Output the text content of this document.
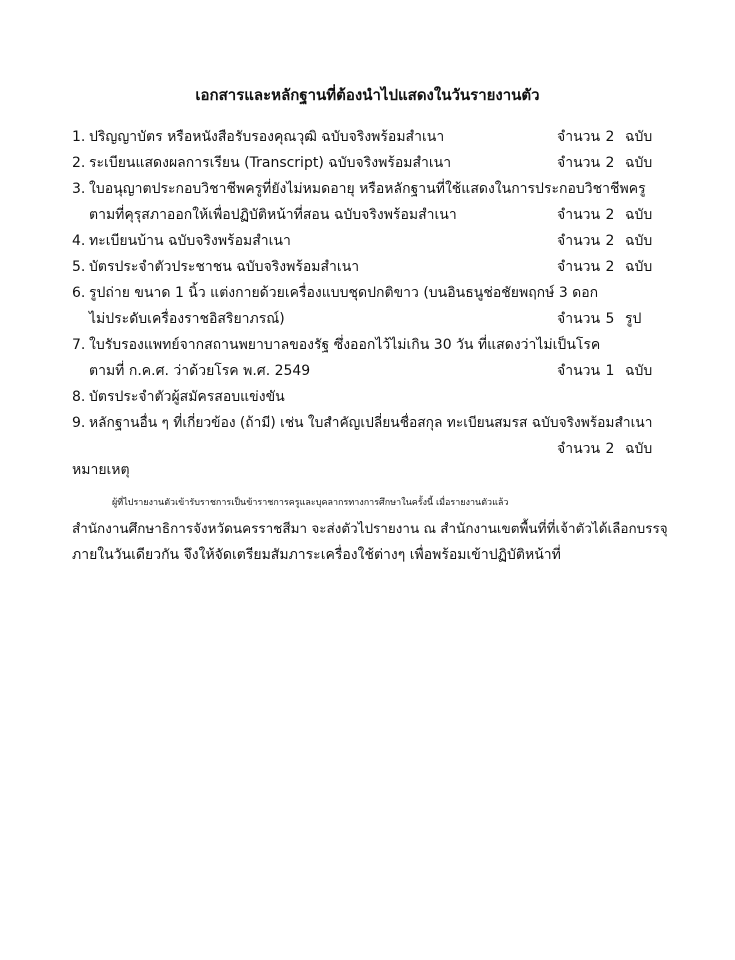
เอกสารและหลักฐานที่ต้องนำไปแสดงในวันรายงานตัว
1. ปริญญาบัตร หรือหนังสือรับรองคุณวุฒิ ฉบับจริงพร้อมสำเนา	จำนวน 2 ฉบับ
2. ระเบียนแสดงผลการเรียน (Transcript) ฉบับจริงพร้อมสำเนา	จำนวน 2 ฉบับ
3. ใบอนุญาตประกอบวิชาชีพครูที่ยังไม่หมดอายุ หรือหลักฐานที่ใช้แสดงในการประกอบวิชาชีพครู
ตามที่คุรุสภาออกให้เพื่อปฏิบัติหน้าที่สอน ฉบับจริงพร้อมสำเนา	จำนวน 2 ฉบับ
4. ทะเบียนบ้าน ฉบับจริงพร้อมสำเนา	จำนวน 2 ฉบับ
5. บัตรประจำตัวประชาชน ฉบับจริงพร้อมสำเนา	จำนวน 2 ฉบับ
6. รูปถ่าย ขนาด 1 นิ้ว แต่งกายด้วยเครื่องแบบชุดปกติขาว (บนอินธนูช่อชัยพฤกษ์ 3 ดอก
ไม่ประดับเครื่องราชอิสริยาภรณ์)	จำนวน 5 รูป
7. ใบรับรองแพทย์จากสถานพยาบาลของรัฐ ซึ่งออกไว้ไม่เกิน 30 วัน ที่แสดงว่าไม่เป็นโรค
ตามที่ ก.ค.ศ. ว่าด้วยโรค พ.ศ. 2549	จำนวน 1 ฉบับ
8. บัตรประจำตัวผู้สมัครสอบแข่งขัน
9. หลักฐานอื่น ๆ ที่เกี่ยวข้อง (ถ้ามี) เช่น ใบสำคัญเปลี่ยนชื่อสกุล ทะเบียนสมรส ฉบับจริงพร้อมสำเนา
จำนวน 2 ฉบับ
หมายเหตุ
ผู้ที่ไปรายงานตัวเข้ารับราชการเป็นข้าราชการครูและบุคลากรทางการศึกษาในครั้งนี้ เมื่อรายงานตัวแล้ว
สำนักงานศึกษาธิการจังหวัดนครราชสีมา จะส่งตัวไปรายงาน ณ สำนักงานเขตพื้นที่ที่เจ้าตัวได้เลือกบรรจุ
ภายในวันเดียวกัน จึงให้จัดเตรียมสัมภาระเครื่องใช้ต่างๆ เพื่อพร้อมเข้าปฏิบัติหน้าที่
